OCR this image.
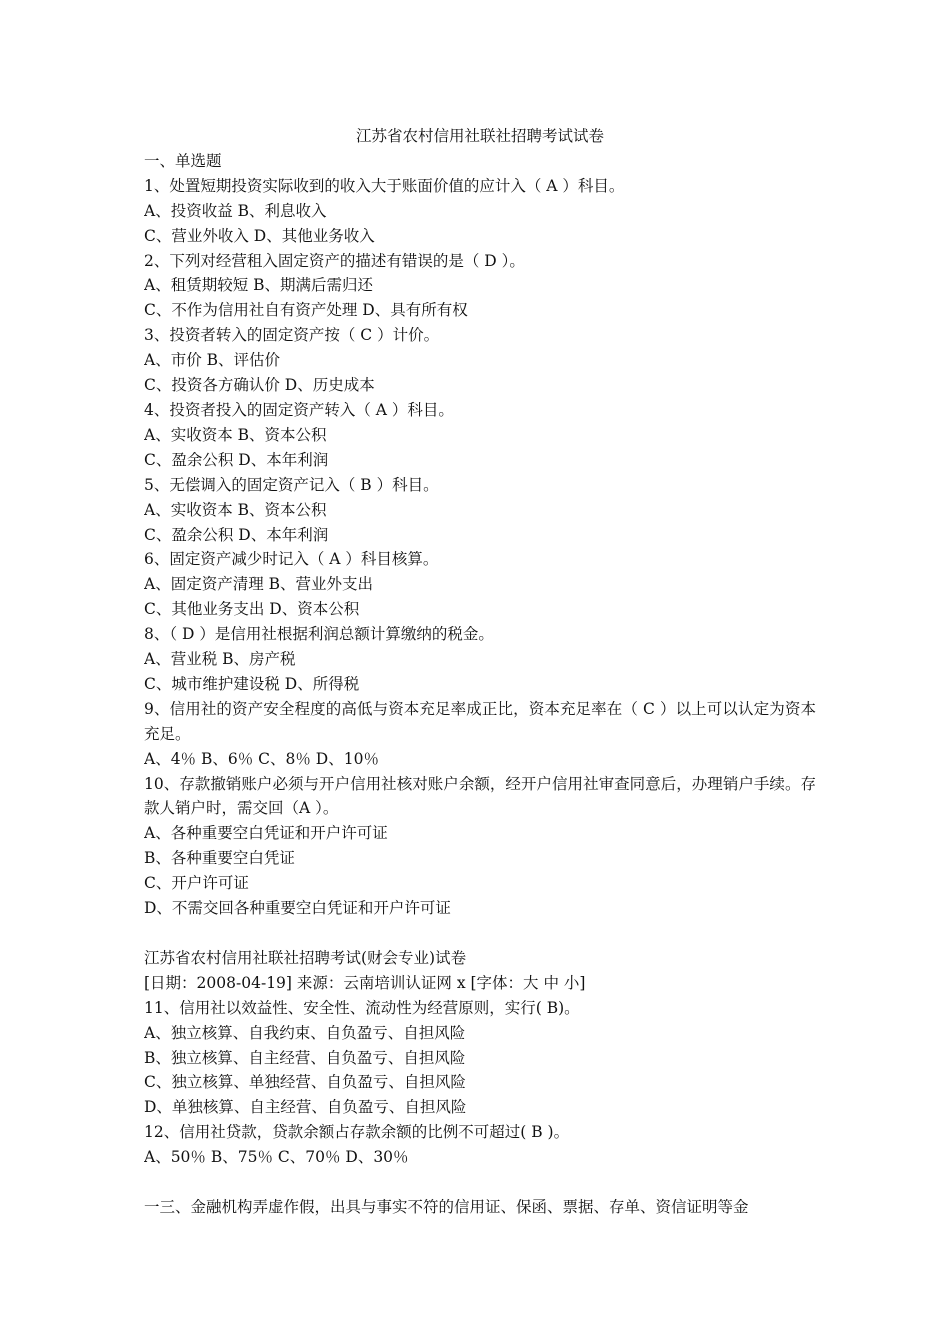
江苏省农村信用社联社招聘考试试卷
一、单选题
1、处置短期投资实际收到的收入大于账面价值的应计入（ A ）科目。
A、投资收益 B、利息收入
C、营业外收入 D、其他业务收入
2、下列对经营租入固定资产的描述有错误的是（ D ）。
A、租赁期较短 B、期满后需归还
C、不作为信用社自有资产处理 D、具有所有权
3、投资者转入的固定资产按（ C ）计价。
A、市价 B、评估价
C、投资各方确认价 D、历史成本
4、投资者投入的固定资产转入（ A ）科目。
A、实收资本 B、资本公积
C、盈余公积 D、本年利润
5、无偿调入的固定资产记入（ B ）科目。
A、实收资本 B、资本公积
C、盈余公积 D、本年利润
6、固定资产减少时记入（ A ）科目核算。
A、固定资产清理 B、营业外支出
C、其他业务支出 D、资本公积
8、（ D ）是信用社根据利润总额计算缴纳的税金。
A、营业税 B、房产税
C、城市维护建设税 D、所得税
9、信用社的资产安全程度的高低与资本充足率成正比，资本充足率在（ C ）以上可以认定为资本充足。
A、4％ B、6％ C、8％ D、10％
10、存款撤销账户必须与开户信用社核对账户余额，经开户信用社审查同意后，办理销户手续。存款人销户时，需交回（A ）。
A、各种重要空白凭证和开户许可证
B、各种重要空白凭证
C、开户许可证
D、不需交回各种重要空白凭证和开户许可证
江苏省农村信用社联社招聘考试(财会专业)试卷
[日期：2008-04-19] 来源：云南培训认证网 x [字体：大 中 小]
11、信用社以效益性、安全性、流动性为经营原则，实行( B)。
A、独立核算、自我约束、自负盈亏、自担风险
B、独立核算、自主经营、自负盈亏、自担风险
C、独立核算、单独经营、自负盈亏、自担风险
D、单独核算、自主经营、自负盈亏、自担风险
12、信用社贷款，贷款余额占存款余额的比例不可超过( B )。
A、50％ B、75％ C、70％ D、30％
一三、金融机构弄虚作假，出具与事实不符的信用证、保函、票据、存单、资信证明等金
